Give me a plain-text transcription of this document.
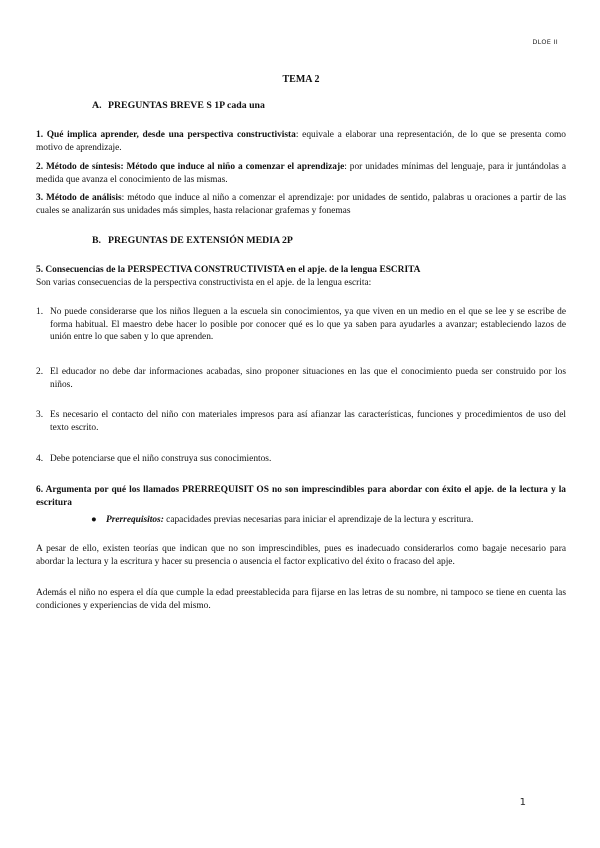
DLOE II
TEMA 2
A. PREGUNTAS BREVE S 1P cada una

1. Qué implica aprender, desde una perspectiva constructivista: equivale a elaborar una representación, de lo que se presenta como motivo de aprendizaje.

2. Método de síntesis: Método que induce al niño a comenzar el aprendizaje: por unidades mínimas del lenguaje, para ir juntándolas a medida que avanza el conocimiento de las mismas.

3. Método de análisis: método que induce al niño a comenzar el aprendizaje: por unidades de sentido, palabras u oraciones a partir de las cuales se analizarán sus unidades más simples, hasta relacionar grafemas y fonemas

B. PREGUNTAS DE EXTENSIÓN MEDIA 2P

5. Consecuencias de la PERSPECTIVA CONSTRUCTIVISTA en el apje. de la lengua ESCRITA

Son varias consecuencias de la perspectiva constructivista en el apje. de la lengua escrita:

1. No puede considerarse que los niños lleguen a la escuela sin conocimientos, ya que viven en un medio en el que se lee y se escribe de forma habitual. El maestro debe hacer lo posible por conocer qué es lo que ya saben para ayudarles a avanzar; estableciendo lazos de unión entre lo que saben y lo que aprenden.
2. El educador no debe dar informaciones acabadas, sino proponer situaciones en las que el conocimiento pueda ser construido por los niños.
3. Es necesario el contacto del niño con materiales impresos para así afianzar las características, funciones y procedimientos de uso del texto escrito.
4. Debe potenciarse que el niño construya sus conocimientos.

6. Argumenta por qué los llamados PRERREQUISIT OS no son imprescindibles para abordar con éxito el apje. de la lectura y la escritura

● Prerrequisitos: capacidades previas necesarias para iniciar el aprendizaje de la lectura y escritura.

A pesar de ello, existen teorías que indican que no son imprescindibles, pues es inadecuado considerarlos como bagaje necesario para abordar la lectura y la escritura y hacer su presencia o ausencia el factor explicativo del éxito o fracaso del apje.

Además el niño no espera el día que cumple la edad preestablecida para fijarse en las letras de su nombre, ni tampoco se tiene en cuenta las condiciones y experiencias de vida del mismo.

1
